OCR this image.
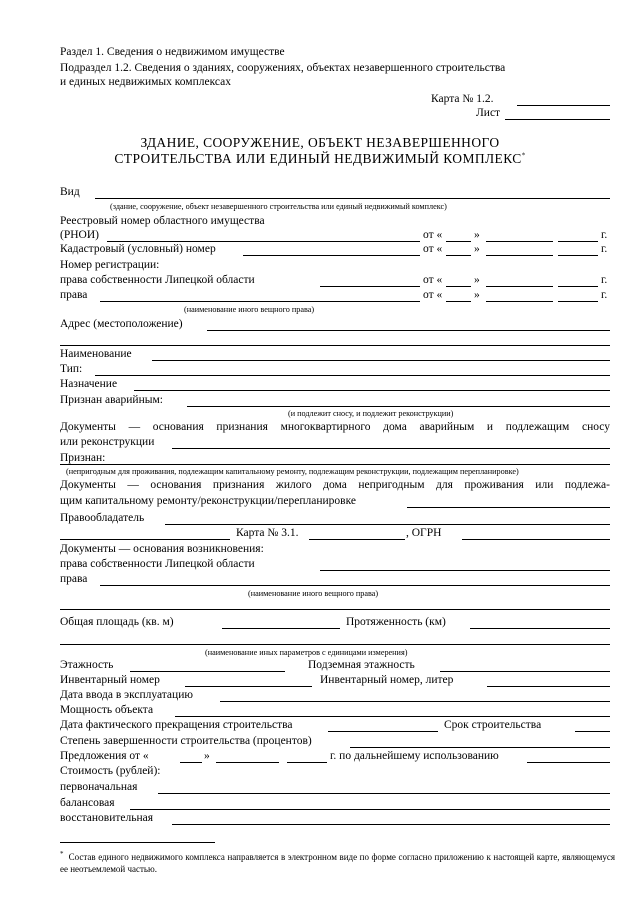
Раздел 1. Сведения о недвижимом имуществе
Подраздел 1.2. Сведения о зданиях, сооружениях, объектах незавершенного строительства
и единых недвижимых комплексах
Карта № 1.2.
Лист
ЗДАНИЕ, СООРУЖЕНИЕ, ОБЪЕКТ НЕЗАВЕРШЕННОГО
СТРОИТЕЛЬСТВА ИЛИ ЕДИНЫЙ НЕДВИЖИМЫЙ КОМПЛЕКС*
Вид
(здание, сооружение, объект незавершенного строительства или единый недвижимый комплекс)
Реестровый номер областного имущества
(РНОИ)	от «	»	г.
Кадастровый (условный) номер	от «	»	г.
Номер регистрации:
права собственности Липецкой области	от «	»	г.
права	от «	»	г.
(наименование иного вещного права)
Адрес (местоположение)
Наименование
Тип:
Назначение
Признан аварийным:
(и подлежит сносу, и подлежит реконструкции)
Документы — основания признания многоквартирного дома аварийным и подлежащим сносу
или реконструкции
Признан:
(непригодным для проживания, подлежащим капитальному ремонту, подлежащим реконструкции, подлежащим перепланировке)
Документы — основания признания жилого дома непригодным для проживания или подлежа-
щим капитальному ремонту/реконструкции/перепланировке
Правообладатель
Карта № 3.1.	, ОГРН
Документы — основания возникновения:
права собственности Липецкой области
права
(наименование иного вещного права)
Общая площадь (кв. м)	Протяженность (км)
(наименование иных параметров с единицами измерения)
Этажность	Подземная этажность
Инвентарный номер	Инвентарный номер, литер
Дата ввода в эксплуатацию
Мощность объекта
Дата фактического прекращения строительства	Срок строительства
Степень завершенности строительства (процентов)
Предложения от «	»	г. по дальнейшему использованию
Стоимость (рублей):
первоначальная
балансовая
восстановительная
* Состав единого недвижимого комплекса направляется в электронном виде по форме согласно приложению к настоящей карте, являющемуся ее неотъемлемой частью.
